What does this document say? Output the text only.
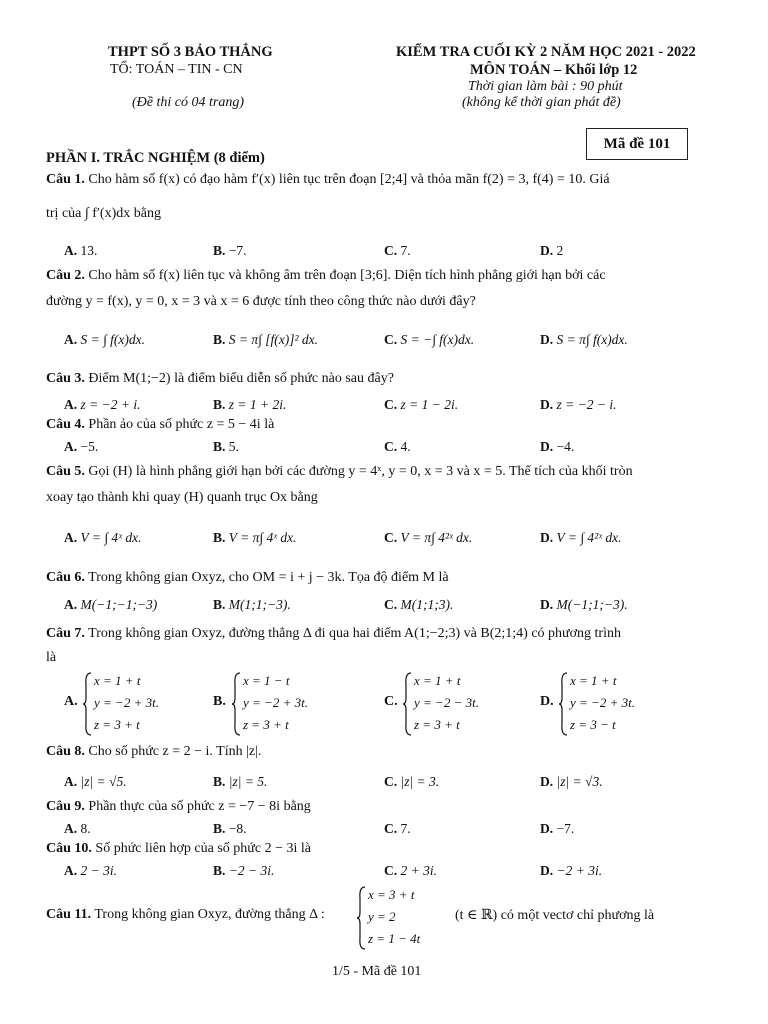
THPT SỐ 3 BẢO THẮNG
TỔ: TOÁN – TIN - CN
(Đề thi có 04 trang)
KIỂM TRA CUỐI KỲ 2 NĂM HỌC 2021 - 2022
MÔN TOÁN – Khối lớp 12
Thời gian làm bài : 90 phút
(không kể thời gian phát đề)
Mã đề 101
PHẦN I. TRẮC NGHIỆM (8 điểm)
Câu 1. Cho hàm số f(x) có đạo hàm f′(x) liên tục trên đoạn [2;4] và thỏa mãn f(2) = 3, f(4) = 10. Giá
trị của ∫ f′(x)dx bằng
A. 13.	B. −7.	C. 7.	D. 2
Câu 2. Cho hàm số f(x) liên tục và không âm trên đoạn [3;6]. Diện tích hình phẳng giới hạn bởi các
đường y = f(x), y = 0, x = 3 và x = 6 được tính theo công thức nào dưới đây?
A. S = ∫ f(x)dx.	B. S = π∫ [f(x)]² dx.	C. S = −∫ f(x)dx.	D. S = π∫ f(x)dx.
Câu 3. Điểm M(1;−2) là điểm biểu diễn số phức nào sau đây?
A. z = −2 + i.	B. z = 1 + 2i.	C. z = 1 − 2i.	D. z = −2 − i.
Câu 4. Phần ảo của số phức z = 5 − 4i là
A. −5.	B. 5.	C. 4.	D. −4.
Câu 5. Gọi (H) là hình phẳng giới hạn bởi các đường y = 4ˣ, y = 0, x = 3 và x = 5. Thể tích của khối tròn
xoay tạo thành khi quay (H) quanh trục Ox bằng
A. V = ∫ 4ˣ dx.	B. V = π∫ 4ˣ dx.	C. V = π∫ 4²ˣ dx.	D. V = ∫ 4²ˣ dx.
Câu 6. Trong không gian Oxyz, cho OM = i + j − 3k. Tọa độ điểm M là
A. M(−1;−1;−3)	B. M(1;1;−3).	C. M(1;1;3).	D. M(−1;1;−3).
Câu 7. Trong không gian Oxyz, đường thẳng Δ đi qua hai điểm A(1;−2;3) và B(2;1;4) có phương trình
là
A.
x = 1 + t
y = −2 + 3t.
z = 3 + t
B.
x = 1 − t
y = −2 + 3t.
z = 3 + t
C.
x = 1 + t
y = −2 − 3t.
z = 3 + t
D.
x = 1 + t
y = −2 + 3t.
z = 3 − t
Câu 8. Cho số phức z = 2 − i. Tính |z|.
A. |z| = √5.	B. |z| = 5.	C. |z| = 3.	D. |z| = √3.
Câu 9. Phần thực của số phức z = −7 − 8i bằng
A. 8.	B. −8.	C. 7.	D. −7.
Câu 10. Số phức liên hợp của số phức 2 − 3i là
A. 2 − 3i.	B. −2 − 3i.	C. 2 + 3i.	D. −2 + 3i.
Câu 11. Trong không gian Oxyz, đường thẳng Δ :
x = 3 + t
y = 2
z = 1 − 4t
(t ∈ ℝ) có một vectơ chỉ phương là
1/5 - Mã đề 101
